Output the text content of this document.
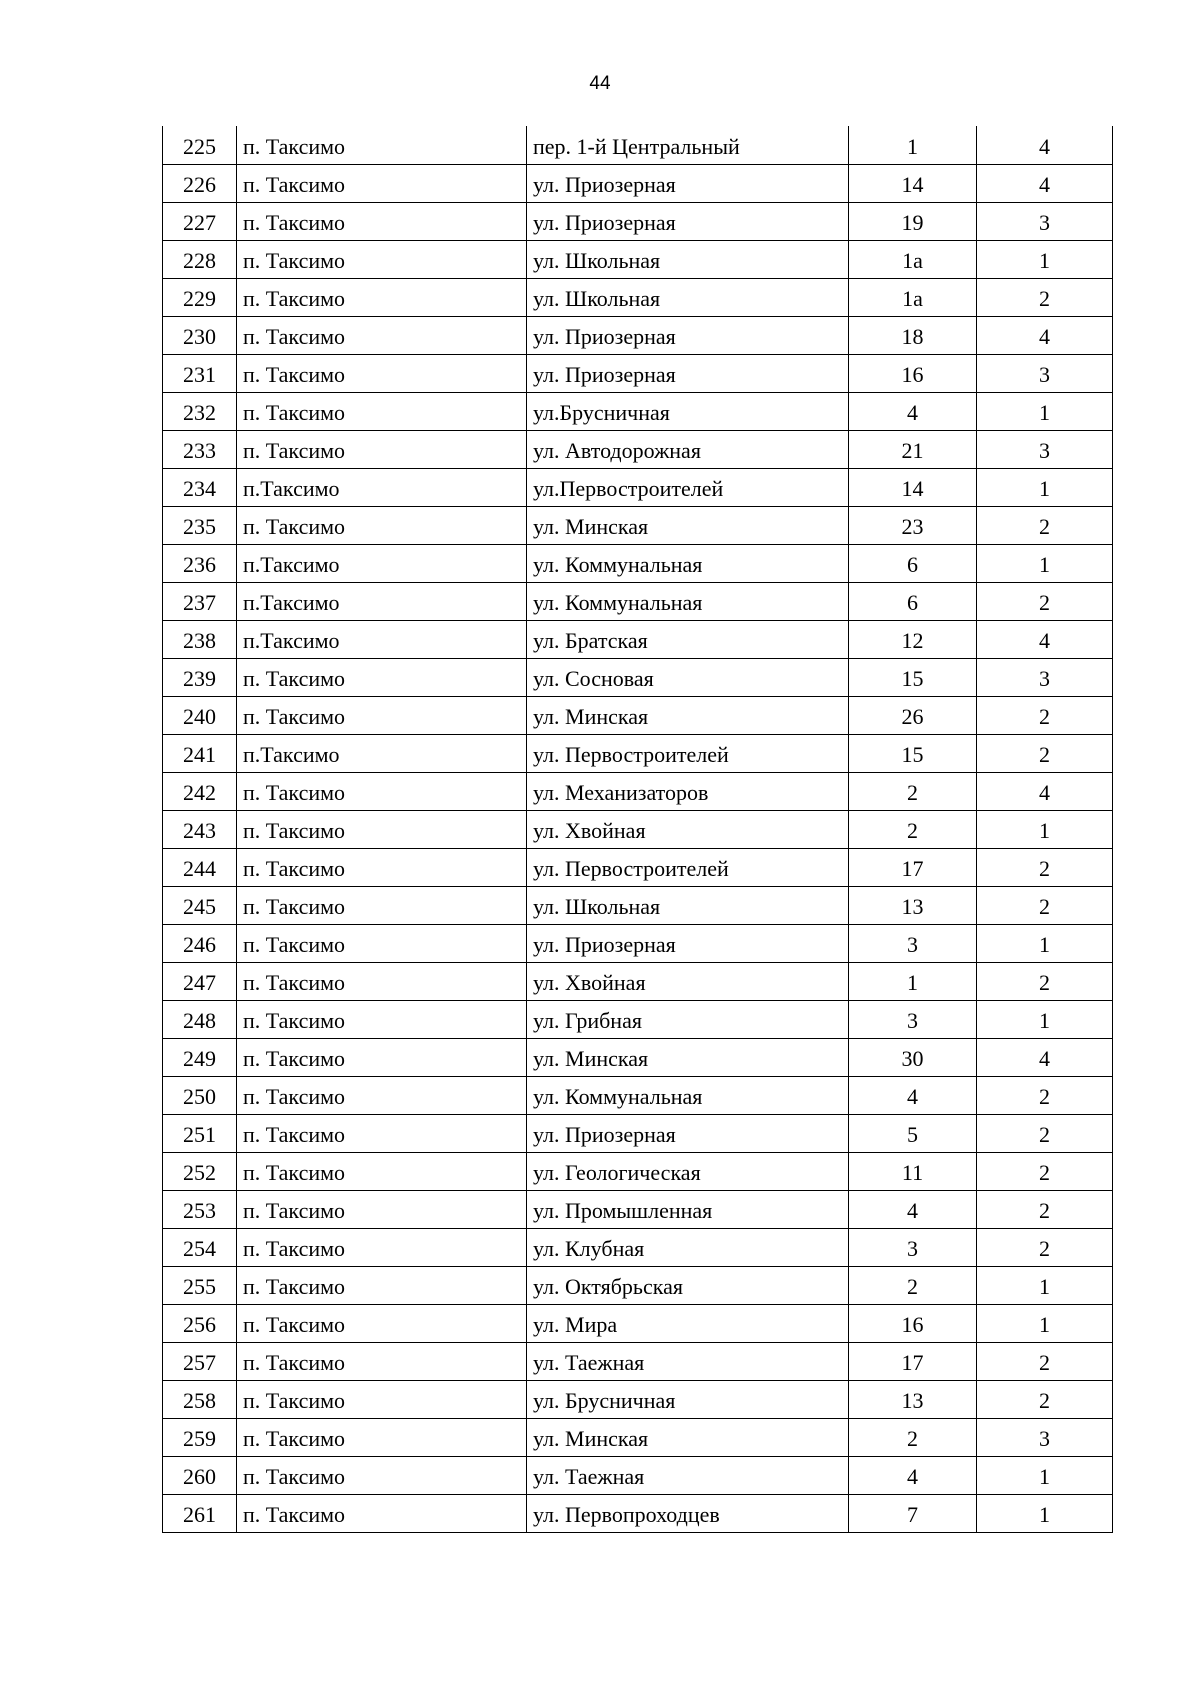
44
225	п. Таксимо	пер. 1-й Центральный	1	4
226	п. Таксимо	ул. Приозерная	14	4
227	п. Таксимо	ул. Приозерная	19	3
228	п. Таксимо	ул. Школьная	1а	1
229	п. Таксимо	ул. Школьная	1а	2
230	п. Таксимо	ул. Приозерная	18	4
231	п. Таксимо	ул. Приозерная	16	3
232	п. Таксимо	ул.Брусничная	4	1
233	п. Таксимо	ул. Автодорожная	21	3
234	п.Таксимо	ул.Первостроителей	14	1
235	п. Таксимо	ул. Минская	23	2
236	п.Таксимо	ул. Коммунальная	6	1
237	п.Таксимо	ул. Коммунальная	6	2
238	п.Таксимо	ул. Братская	12	4
239	п. Таксимо	ул. Сосновая	15	3
240	п. Таксимо	ул. Минская	26	2
241	п.Таксимо	ул. Первостроителей	15	2
242	п. Таксимо	ул. Механизаторов	2	4
243	п. Таксимо	ул. Хвойная	2	1
244	п. Таксимо	ул. Первостроителей	17	2
245	п. Таксимо	ул. Школьная	13	2
246	п. Таксимо	ул. Приозерная	3	1
247	п. Таксимо	ул. Хвойная	1	2
248	п. Таксимо	ул. Грибная	3	1
249	п. Таксимо	ул. Минская	30	4
250	п. Таксимо	ул. Коммунальная	4	2
251	п. Таксимо	ул. Приозерная	5	2
252	п. Таксимо	ул. Геологическая	11	2
253	п. Таксимо	ул. Промышленная	4	2
254	п. Таксимо	ул. Клубная	3	2
255	п. Таксимо	ул. Октябрьская	2	1
256	п. Таксимо	ул. Мира	16	1
257	п. Таксимо	ул. Таежная	17	2
258	п. Таксимо	ул. Брусничная	13	2
259	п. Таксимо	ул. Минская	2	3
260	п. Таксимо	ул. Таежная	4	1
261	п. Таксимо	ул. Первопроходцев	7	1
